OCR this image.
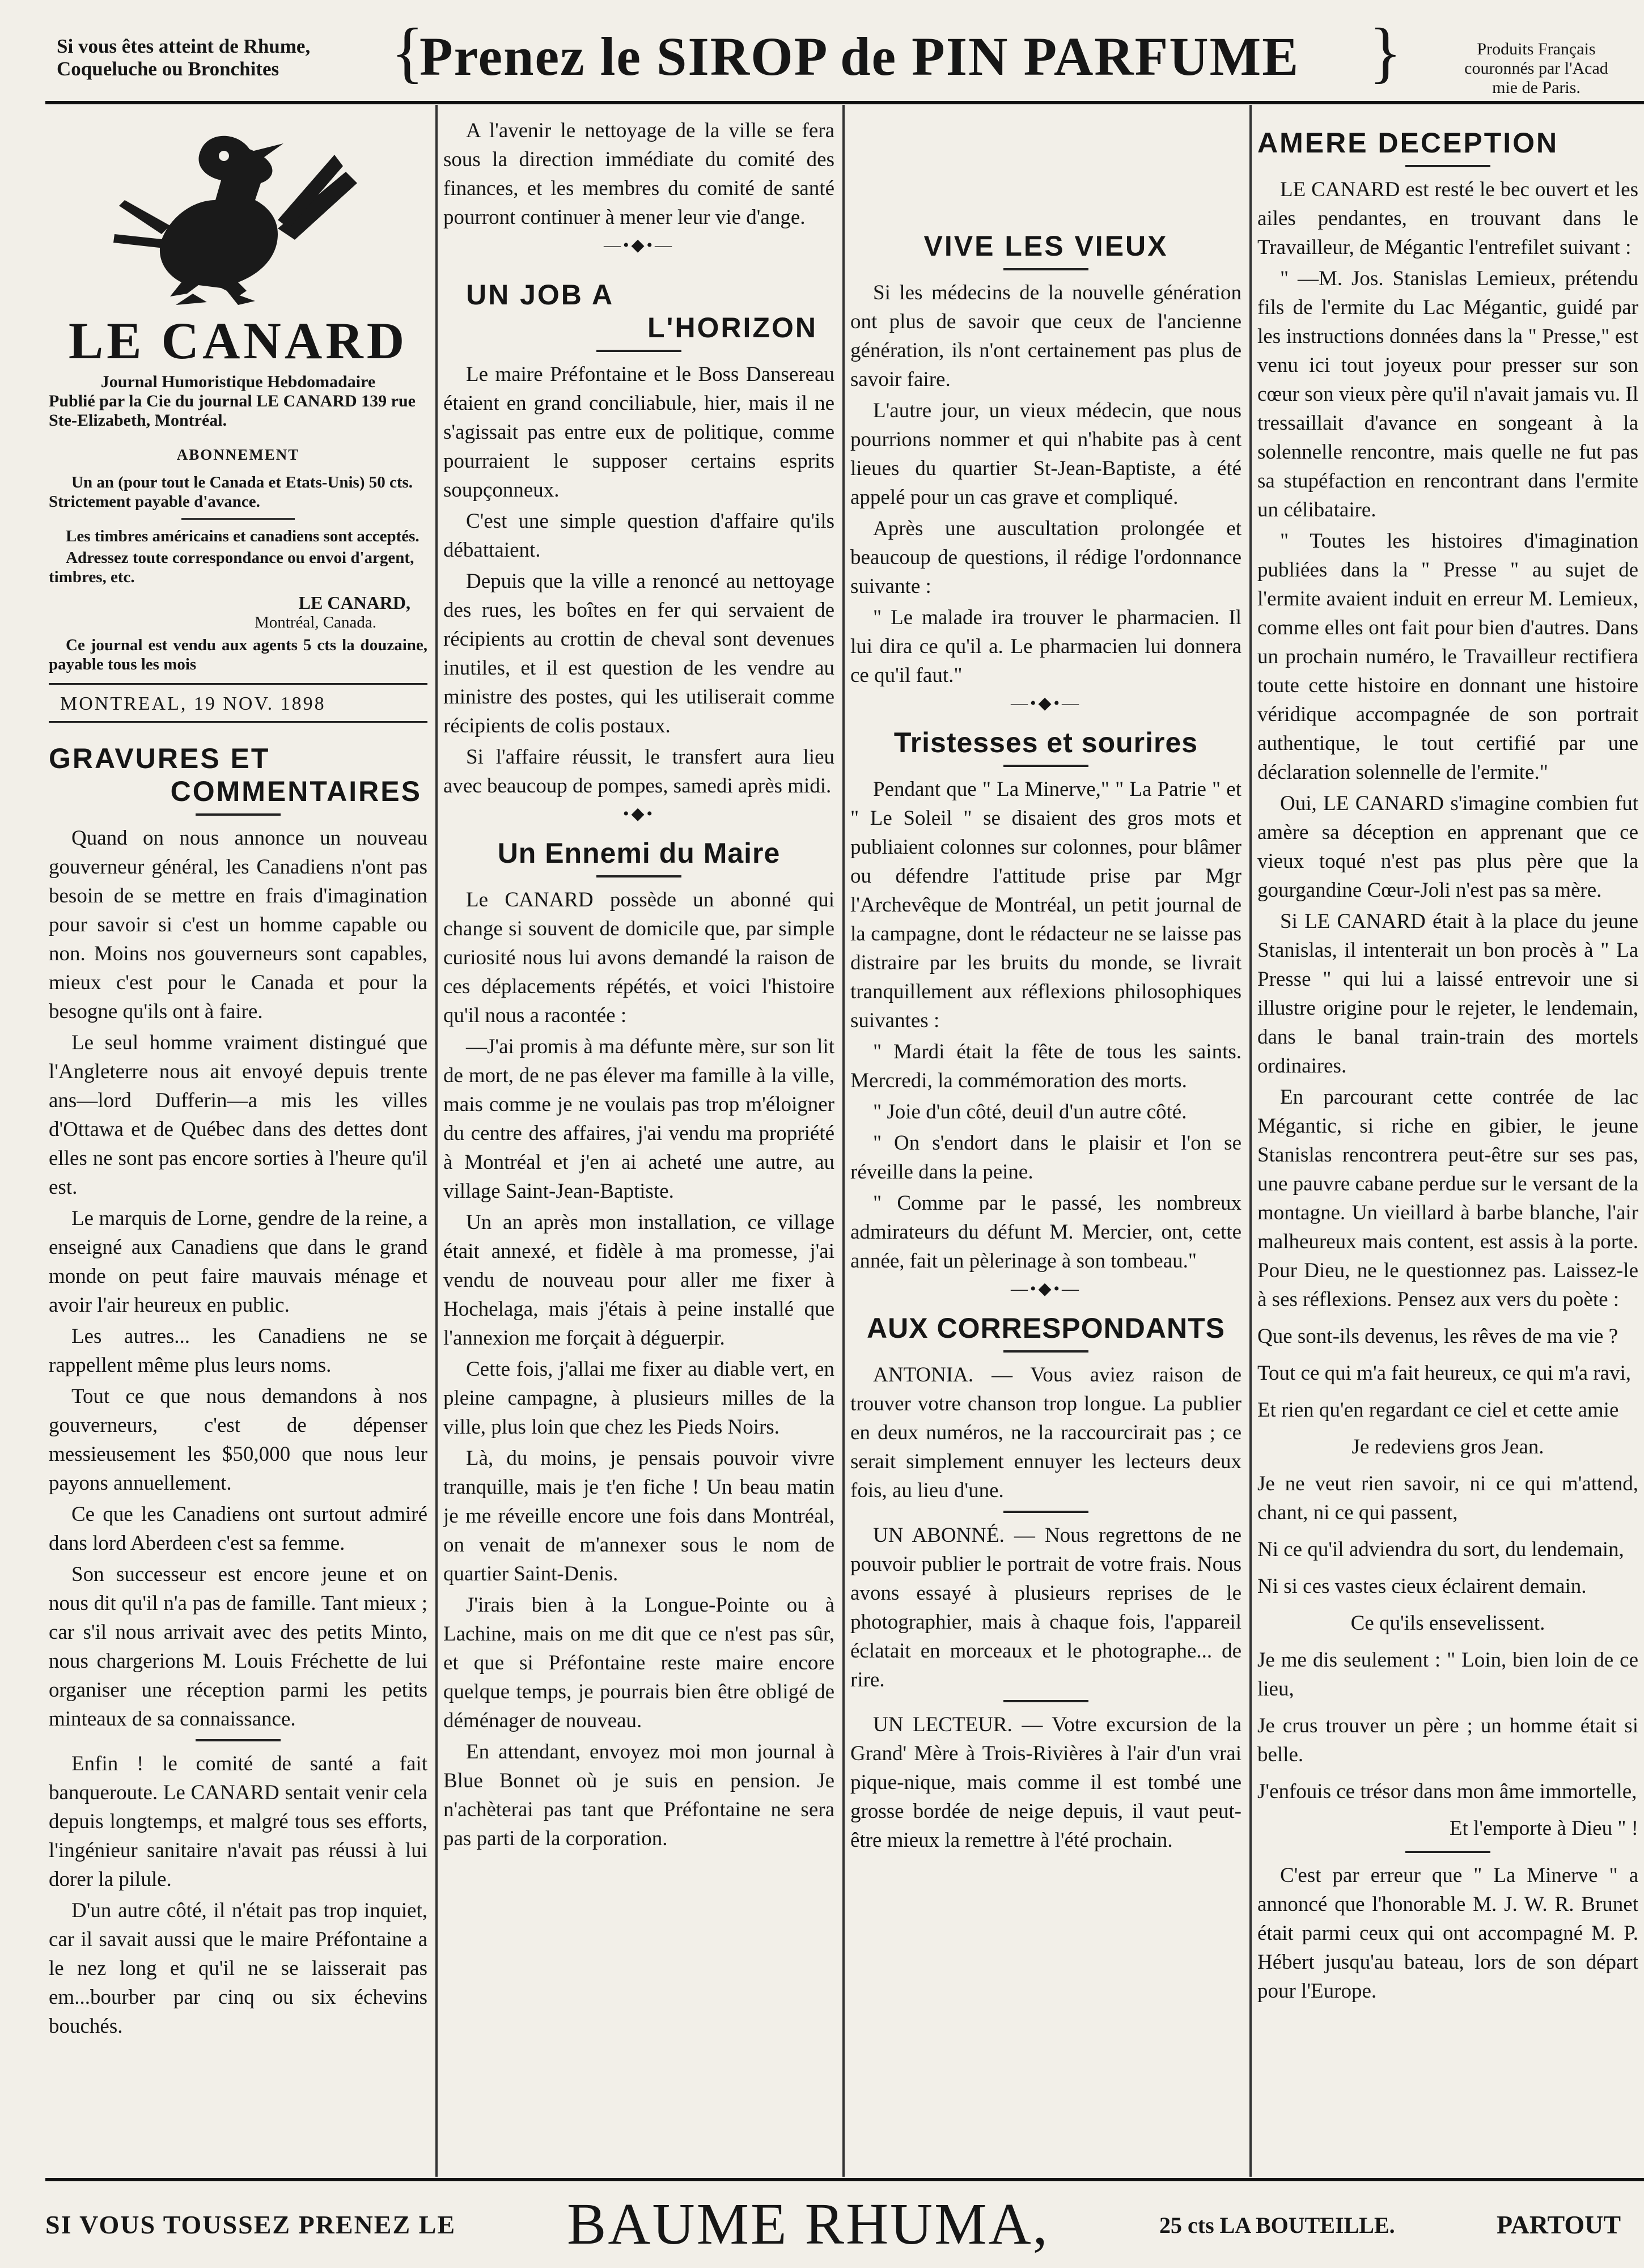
Si vous êtes atteint de Rhume,
Coqueluche ou Bronchites	{
Prenez le SIROP de PIN PARFUME	}	Produits Français
couronnés par l'Acad
mie de Paris.
LE CANARD

Journal Humoristique Hebdomadaire

Publié par la Cie du journal LE CANARD 139 rue Ste-Elizabeth, Montréal.

ABONNEMENT

Un an (pour tout le Canada et Etats-Unis) 50 cts. Strictement payable d'avance.

Les timbres américains et canadiens sont acceptés.

Adressez toute correspondance ou envoi d'argent, timbres, etc.

LE CANARD,

Montréal, Canada.

Ce journal est vendu aux agents 5 cts la douzaine, payable tous les mois

MONTREAL, 19 NOV. 1898

GRAVURES ET
COMMENTAIRES

Quand on nous annonce un nouveau gouverneur général, les Canadiens n'ont pas besoin de se mettre en frais d'imagination pour savoir si c'est un homme capable ou non. Moins nos gouverneurs sont capables, mieux c'est pour le Canada et pour la besogne qu'ils ont à faire.

Le seul homme vraiment distingué que l'Angleterre nous ait envoyé depuis trente ans—lord Dufferin—a mis les villes d'Ottawa et de Québec dans des dettes dont elles ne sont pas encore sorties à l'heure qu'il est.

Le marquis de Lorne, gendre de la reine, a enseigné aux Canadiens que dans le grand monde on peut faire mauvais ménage et avoir l'air heureux en public.

Les autres... les Canadiens ne se rappellent même plus leurs noms.

Tout ce que nous demandons à nos gouverneurs, c'est de dépenser messieusement les $50,000 que nous leur payons annuellement.

Ce que les Canadiens ont surtout admiré dans lord Aberdeen c'est sa femme.

Son successeur est encore jeune et on nous dit qu'il n'a pas de famille. Tant mieux ; car s'il nous arrivait avec des petits Minto, nous chargerions M. Louis Fréchette de lui organiser une réception parmi les petits minteaux de sa connaissance.

Enfin ! le comité de santé a fait banqueroute. Le CANARD sentait venir cela depuis longtemps, et malgré tous ses efforts, l'ingénieur sanitaire n'avait pas réussi à lui dorer la pilule.

D'un autre côté, il n'était pas trop inquiet, car il savait aussi que le maire Préfontaine a le nez long et qu'il ne se laisserait pas em...bourber par cinq ou six échevins bouchés.

A l'avenir le nettoyage de la ville se fera sous la direction immédiate du comité des finances, et les membres du comité de santé pourront continuer à mener leur vie d'ange.

—•◆•—
UN JOB A
L'HORIZON

Le maire Préfontaine et le Boss Dansereau étaient en grand conciliabule, hier, mais il ne s'agissait pas entre eux de politique, comme pourraient le supposer certains esprits soupçonneux.

C'est une simple question d'affaire qu'ils débattaient.

Depuis que la ville a renoncé au nettoyage des rues, les boîtes en fer qui servaient de récipients au crottin de cheval sont devenues inutiles, et il est question de les vendre au ministre des postes, qui les utiliserait comme récipients de colis postaux.

Si l'affaire réussit, le transfert aura lieu avec beaucoup de pompes, samedi après midi.

•◆•
Un Ennemi du Maire

Le CANARD possède un abonné qui change si souvent de domicile que, par simple curiosité nous lui avons demandé la raison de ces déplacements répétés, et voici l'histoire qu'il nous a racontée :

—J'ai promis à ma défunte mère, sur son lit de mort, de ne pas élever ma famille à la ville, mais comme je ne voulais pas trop m'éloigner du centre des affaires, j'ai vendu ma propriété à Montréal et j'en ai acheté une autre, au village Saint-Jean-Baptiste.

Un an après mon installation, ce village était annexé, et fidèle à ma promesse, j'ai vendu de nouveau pour aller me fixer à Hochelaga, mais j'étais à peine installé que l'annexion me forçait à déguerpir.

Cette fois, j'allai me fixer au diable vert, en pleine campagne, à plusieurs milles de la ville, plus loin que chez les Pieds Noirs.

Là, du moins, je pensais pouvoir vivre tranquille, mais je t'en fiche ! Un beau matin je me réveille encore une fois dans Montréal, on venait de m'annexer sous le nom de quartier Saint-Denis.

J'irais bien à la Longue-Pointe ou à Lachine, mais on me dit que ce n'est pas sûr, et que si Préfontaine reste maire encore quelque temps, je pourrais bien être obligé de déménager de nouveau.

En attendant, envoyez moi mon journal à Blue Bonnet où je suis en pension. Je n'achèterai pas tant que Préfontaine ne sera pas parti de la corporation.

VIVE LES VIEUX

Si les médecins de la nouvelle génération ont plus de savoir que ceux de l'ancienne génération, ils n'ont certainement pas plus de savoir faire.

L'autre jour, un vieux médecin, que nous pourrions nommer et qui n'habite pas à cent lieues du quartier St-Jean-Baptiste, a été appelé pour un cas grave et compliqué.

Après une auscultation prolongée et beaucoup de questions, il rédige l'ordonnance suivante :

" Le malade ira trouver le pharmacien. Il lui dira ce qu'il a. Le pharmacien lui donnera ce qu'il faut."

—•◆•—
Tristesses et sourires

Pendant que " La Minerve," " La Patrie " et " Le Soleil " se disaient des gros mots et publiaient colonnes sur colonnes, pour blâmer ou défendre l'attitude prise par Mgr l'Archevêque de Montréal, un petit journal de la campagne, dont le rédacteur ne se laisse pas distraire par les bruits du monde, se livrait tranquillement aux réflexions philosophiques suivantes :

" Mardi était la fête de tous les saints. Mercredi, la commémoration des morts.

" Joie d'un côté, deuil d'un autre côté.

" On s'endort dans le plaisir et l'on se réveille dans la peine.

" Comme par le passé, les nombreux admirateurs du défunt M. Mercier, ont, cette année, fait un pèlerinage à son tombeau."

—•◆•—
AUX CORRESPONDANTS

ANTONIA. — Vous aviez raison de trouver votre chanson trop longue. La publier en deux numéros, ne la raccourcirait pas ; ce serait simplement ennuyer les lecteurs deux fois, au lieu d'une.

UN ABONNÉ. — Nous regrettons de ne pouvoir publier le portrait de votre frais. Nous avons essayé à plusieurs reprises de le photographier, mais à chaque fois, l'appareil éclatait en morceaux et le photographe... de rire.

UN LECTEUR. — Votre excursion de la Grand' Mère à Trois-Rivières à l'air d'un vrai pique-nique, mais comme il est tombé une grosse bordée de neige depuis, il vaut peut-être mieux la remettre à l'été prochain.

AMERE DECEPTION

LE CANARD est resté le bec ouvert et les ailes pendantes, en trouvant dans le Travailleur, de Mégantic l'entrefilet suivant :

" —M. Jos. Stanislas Lemieux, prétendu fils de l'ermite du Lac Mégantic, guidé par les instructions données dans la " Presse," est venu ici tout joyeux pour presser sur son cœur son vieux père qu'il n'avait jamais vu. Il tressaillait d'avance en songeant à la solennelle rencontre, mais quelle ne fut pas sa stupéfaction en rencontrant dans l'ermite un célibataire.

" Toutes les histoires d'imagination publiées dans la " Presse " au sujet de l'ermite avaient induit en erreur M. Lemieux, comme elles ont fait pour bien d'autres. Dans un prochain numéro, le Travailleur rectifiera toute cette histoire en donnant une histoire véridique accompagnée de son portrait authentique, le tout certifié par une déclaration solennelle de l'ermite."

Oui, LE CANARD s'imagine combien fut amère sa déception en apprenant que ce vieux toqué n'est pas plus père que la gourgandine Cœur-Joli n'est pas sa mère.

Si LE CANARD était à la place du jeune Stanislas, il intenterait un bon procès à " La Presse " qui lui a laissé entrevoir une si illustre origine pour le rejeter, le lendemain, dans le banal train-train des mortels ordinaires.

En parcourant cette contrée de lac Mégantic, si riche en gibier, le jeune Stanislas rencontrera peut-être sur ses pas, une pauvre cabane perdue sur le versant de la montagne. Un vieillard à barbe blanche, l'air malheureux mais content, est assis à la porte. Pour Dieu, ne le questionnez pas. Laissez-le à ses réflexions. Pensez aux vers du poète :

Que sont-ils devenus, les rêves de ma vie ?

Tout ce qui m'a fait heureux, ce qui m'a ravi,

Et rien qu'en regardant ce ciel et cette amie

Je redeviens gros Jean.

Je ne veut rien savoir, ni ce qui m'attend, chant, ni ce qui passent,

Ni ce qu'il adviendra du sort, du lendemain,

Ni si ces vastes cieux éclairent demain.

Ce qu'ils ensevelissent.

Je me dis seulement : " Loin, bien loin de ce lieu,

Je crus trouver un père ; un homme était si belle.

J'enfouis ce trésor dans mon âme immortelle,

Et l'emporte à Dieu " !

C'est par erreur que " La Minerve " a annoncé que l'honorable M. J. W. R. Brunet était parmi ceux qui ont accompagné M. P. Hébert jusqu'au bateau, lors de son départ pour l'Europe.

SI VOUS TOUSSEZ PRENEZ LE BAUME RHUMA,	25 cts LA BOUTEILLE.	PARTOUT
